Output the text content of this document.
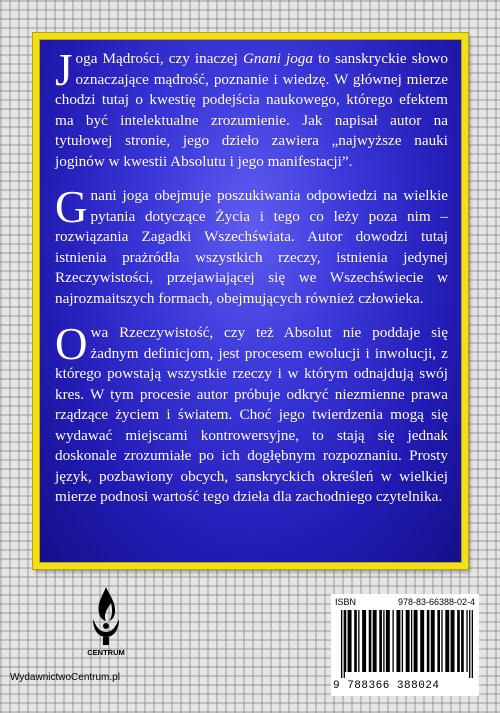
Joga Mądrości, czy inaczej Gnani joga to sanskryckie słowo oznaczające mądrość, poznanie i wiedzę. W głównej mierze chodzi tutaj o kwestię podejścia naukowego, którego efektem ma być intelektualne zrozumienie. Jak napisał autor na tytułowej stronie, jego dzieło zawiera „najwyższe nauki joginów w kwestii Absolutu i jego manifestacji”.

Gnani joga obejmuje poszukiwania odpowiedzi na wielkie pytania dotyczące Życia i tego co leży poza nim – rozwiązania Zagadki Wszechświata. Autor dowodzi tutaj istnienia prażródła wszystkich rzeczy, istnienia jedynej Rzeczywistości, przejawiającej się we Wszechświecie w najrozmaitszych formach, obejmujących również człowieka.

Owa Rzeczywistość, czy też Absolut nie poddaje się żadnym definicjom, jest procesem ewolucji i inwolucji, z którego powstają wszystkie rzeczy i w którym odnajdują swój kres. W tym procesie autor próbuje odkryć niezmienne prawa rządzące życiem i światem. Choć jego twierdzenia mogą się wydawać miejscami kontrowersyjne, to stają się jednak doskonale zrozumiałe po ich dogłębnym rozpoznaniu. Prosty język, pozbawiony obcych, sanskryckich określeń w wielkiej mierze podnosi wartość tego dzieła dla zachodniego czytelnika.

CENTRUM
WydawnictwoCentrum.pl
ISBN	978-83-66388-02-4
9 788366 388024
